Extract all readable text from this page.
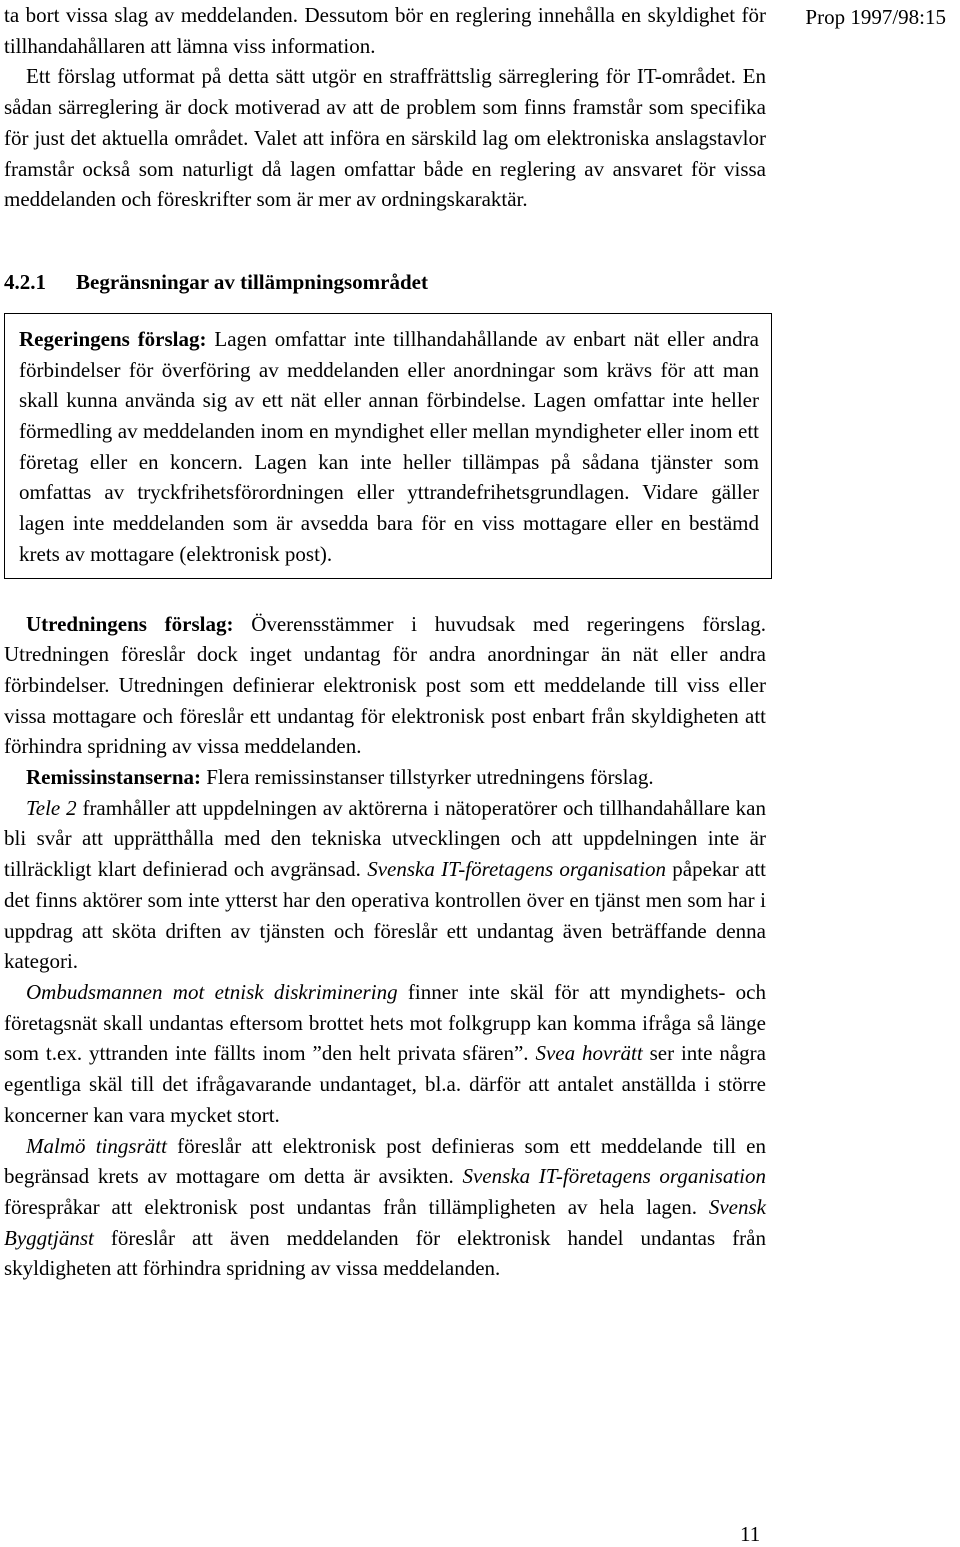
Prop 1997/98:15

ta bort vissa slag av meddelanden. Dessutom bör en reglering innehålla en skyldighet för tillhandahållaren att lämna viss information.

Ett förslag utformat på detta sätt utgör en straffrättslig särreglering för IT-området. En sådan särreglering är dock motiverad av att de problem som finns framstår som specifika för just det aktuella området. Valet att införa en särskild lag om elektroniska anslagstavlor framstår också som naturligt då lagen omfattar både en reglering av ansvaret för vissa meddelanden och föreskrifter som är mer av ordningskaraktär.

4.2.1 Begränsningar av tillämpningsområdet

Regeringens förslag: Lagen omfattar inte tillhandahållande av enbart nät eller andra förbindelser för överföring av meddelanden eller anordningar som krävs för att man skall kunna använda sig av ett nät eller annan förbindelse. Lagen omfattar inte heller förmedling av meddelanden inom en myndighet eller mellan myndigheter eller inom ett företag eller en koncern. Lagen kan inte heller tillämpas på sådana tjänster som omfattas av tryckfrihetsförordningen eller yttrandefrihetsgrundlagen. Vidare gäller lagen inte meddelanden som är avsedda bara för en viss mottagare eller en bestämd krets av mottagare (elektronisk post).

Utredningens förslag: Överensstämmer i huvudsak med regeringens förslag. Utredningen föreslår dock inget undantag för andra anordningar än nät eller andra förbindelser. Utredningen definierar elektronisk post som ett meddelande till viss eller vissa mottagare och föreslår ett undantag för elektronisk post enbart från skyldigheten att förhindra spridning av vissa meddelanden.

Remissinstanserna: Flera remissinstanser tillstyrker utredningens förslag.

Tele 2 framhåller att uppdelningen av aktörerna i nätoperatörer och tillhandahållare kan bli svår att upprätthålla med den tekniska utvecklingen och att uppdelningen inte är tillräckligt klart definierad och avgränsad. Svenska IT-företagens organisation påpekar att det finns aktörer som inte ytterst har den operativa kontrollen över en tjänst men som har i uppdrag att sköta driften av tjänsten och föreslår ett undantag även beträffande denna kategori.

Ombudsmannen mot etnisk diskriminering finner inte skäl för att myndighets- och företagsnät skall undantas eftersom brottet hets mot folkgrupp kan komma ifråga så länge som t.ex. yttranden inte fällts inom ”den helt privata sfären”. Svea hovrätt ser inte några egentliga skäl till det ifrågavarande undantaget, bl.a. därför att antalet anställda i större koncerner kan vara mycket stort.

Malmö tingsrätt föreslår att elektronisk post definieras som ett meddelande till en begränsad krets av mottagare om detta är avsikten. Svenska IT-företagens organisation förespråkar att elektronisk post undantas från tillämpligheten av hela lagen. Svensk Byggtjänst föreslår att även meddelanden för elektronisk handel undantas från skyldigheten att förhindra spridning av vissa meddelanden.

11
